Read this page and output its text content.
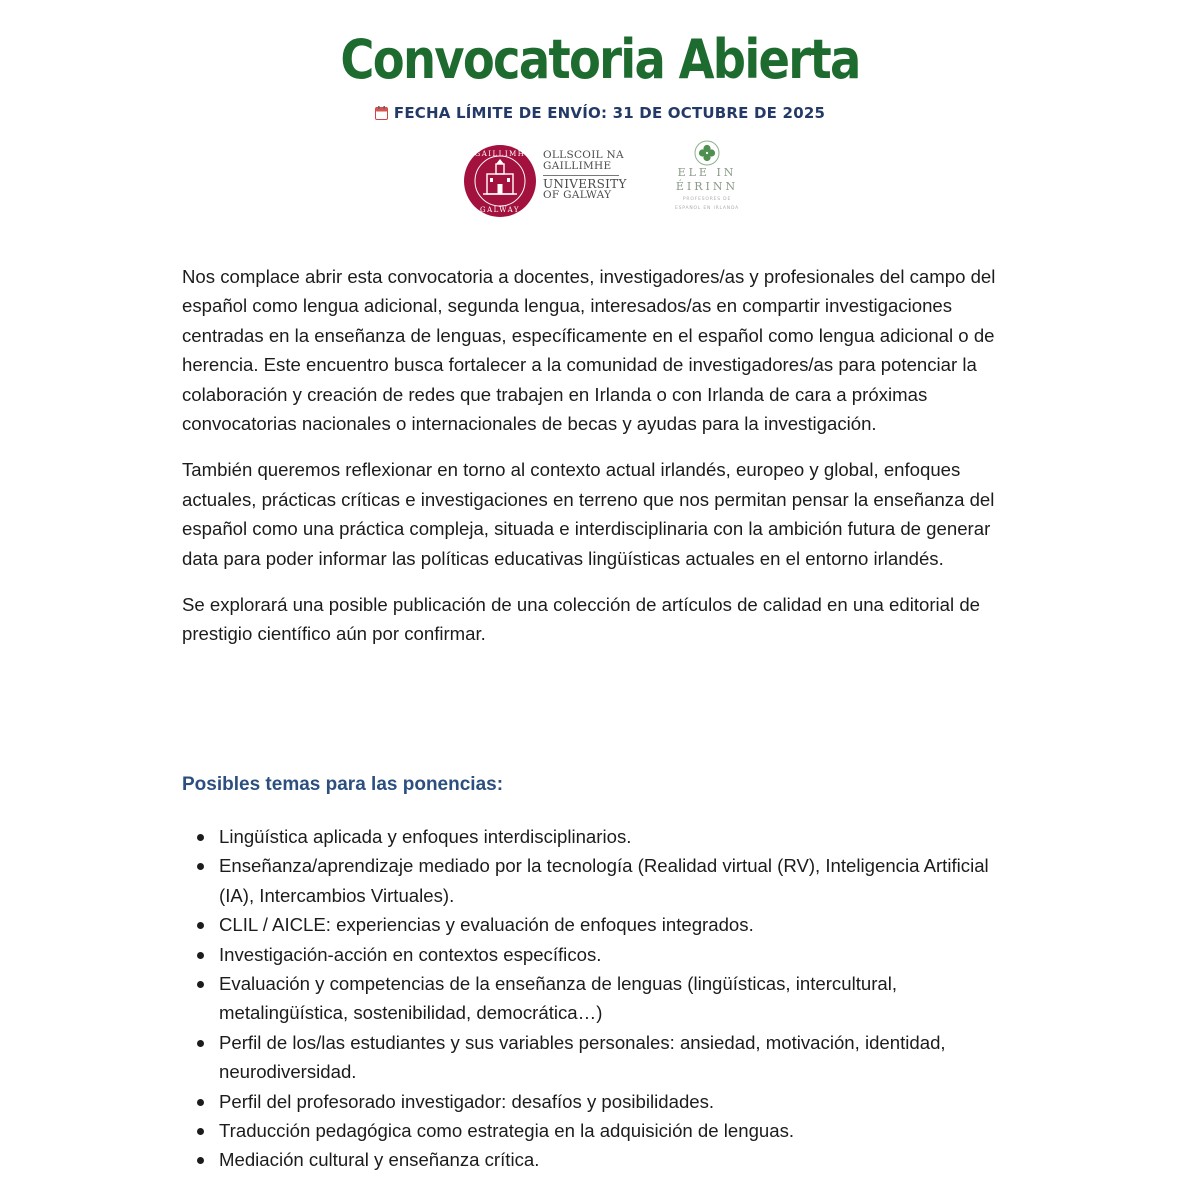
Convocatoria Abierta
FECHA LÍMITE DE ENVÍO: 31 DE OCTUBRE DE 2025
GAILLIMH
GALWAY
OLLSCOIL NA
GAILLIMHE
UNIVERSITY
OF GALWAY
ELE IN
ÉIRINN
PROFESORES DE
ESPAÑOL EN IRLANDA

Nos complace abrir esta convocatoria a docentes, investigadores/as y profesionales del campo del español como lengua adicional, segunda lengua, interesados/as en compartir investigaciones centradas en la enseñanza de lenguas, específicamente en el español como lengua adicional o de herencia. Este encuentro busca fortalecer a la comunidad de investigadores/as para potenciar la colaboración y creación de redes que trabajen en Irlanda o con Irlanda de cara a próximas convocatorias nacionales o internacionales de becas y ayudas para la investigación.

También queremos reflexionar en torno al contexto actual irlandés, europeo y global, enfoques actuales, prácticas críticas e investigaciones en terreno que nos permitan pensar la enseñanza del español como una práctica compleja, situada e interdisciplinaria con la ambición futura de generar data para poder informar las políticas educativas lingüísticas actuales en el entorno irlandés.

Se explorará una posible publicación de una colección de artículos de calidad en una editorial de prestigio científico aún por confirmar.

Posibles temas para las ponencias:
Lingüística aplicada y enfoques interdisciplinarios.
Enseñanza/aprendizaje mediado por la tecnología (Realidad virtual (RV), Inteligencia Artificial (IA), Intercambios Virtuales).
CLIL / AICLE: experiencias y evaluación de enfoques integrados.
Investigación-acción en contextos específicos.
Evaluación y competencias de la enseñanza de lenguas (lingüísticas, intercultural, metalingüística, sostenibilidad, democrática…)
Perfil de los/las estudiantes y sus variables personales: ansiedad, motivación, identidad, neurodiversidad.
Perfil del profesorado investigador: desafíos y posibilidades.
Traducción pedagógica como estrategia en la adquisición de lenguas.
Mediación cultural y enseñanza crítica.
